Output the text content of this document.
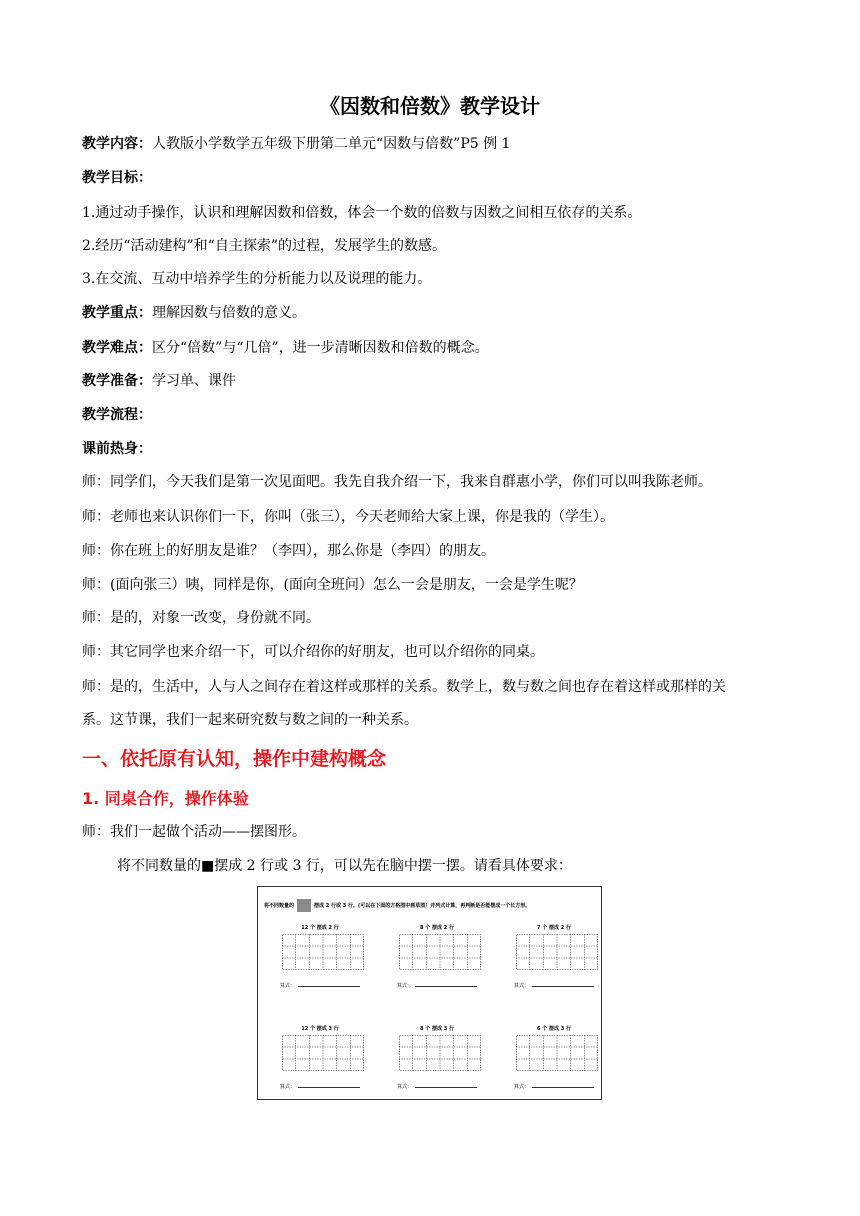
《因数和倍数》教学设计
教学内容：人教版小学数学五年级下册第二单元“因数与倍数”P5 例 1
教学目标：
1.通过动手操作，认识和理解因数和倍数，体会一个数的倍数与因数之间相互依存的关系。
2.经历“活动建构”和“自主探索”的过程，发展学生的数感。
3.在交流、互动中培养学生的分析能力以及说理的能力。
教学重点：理解因数与倍数的意义。
教学难点：区分“倍数”与“几倍”，进一步清晰因数和倍数的概念。
教学准备：学习单、课件
教学流程：
课前热身：
师：同学们，今天我们是第一次见面吧。我先自我介绍一下，我来自群惠小学，你们可以叫我陈老师。
师：老师也来认识你们一下，你叫（张三），今天老师给大家上课，你是我的（学生）。
师：你在班上的好朋友是谁？（李四），那么你是（李四）的朋友。
师：(面向张三）咦，同样是你，(面向全班问）怎么一会是朋友，一会是学生呢？
师：是的，对象一改变，身份就不同。
师：其它同学也来介绍一下，可以介绍你的好朋友，也可以介绍你的同桌。
师：是的，生活中，人与人之间存在着这样或那样的关系。数学上，数与数之间也存在着这样或那样的关
系。这节课，我们一起来研究数与数之间的一种关系。
一、依托原有认知，操作中建构概念
1. 同桌合作，操作体验
师：我们一起做个活动——摆图形。
将不同数量的■摆成 2 行或 3 行，可以先在脑中摆一摆。请看具体要求：
将不同数量的	摆成 2 行或 3 行。(可以在下面的方格图中画草图）并列式计算，再判断是否能摆成一个长方形。
12 个 摆成 2 行
算式：
8 个 摆成 2 行
算式：
7 个 摆成 2 行
算式：
12 个 摆成 3 行
算式：
8 个 摆成 3 行
算式：
6 个 摆成 3 行
算式：
